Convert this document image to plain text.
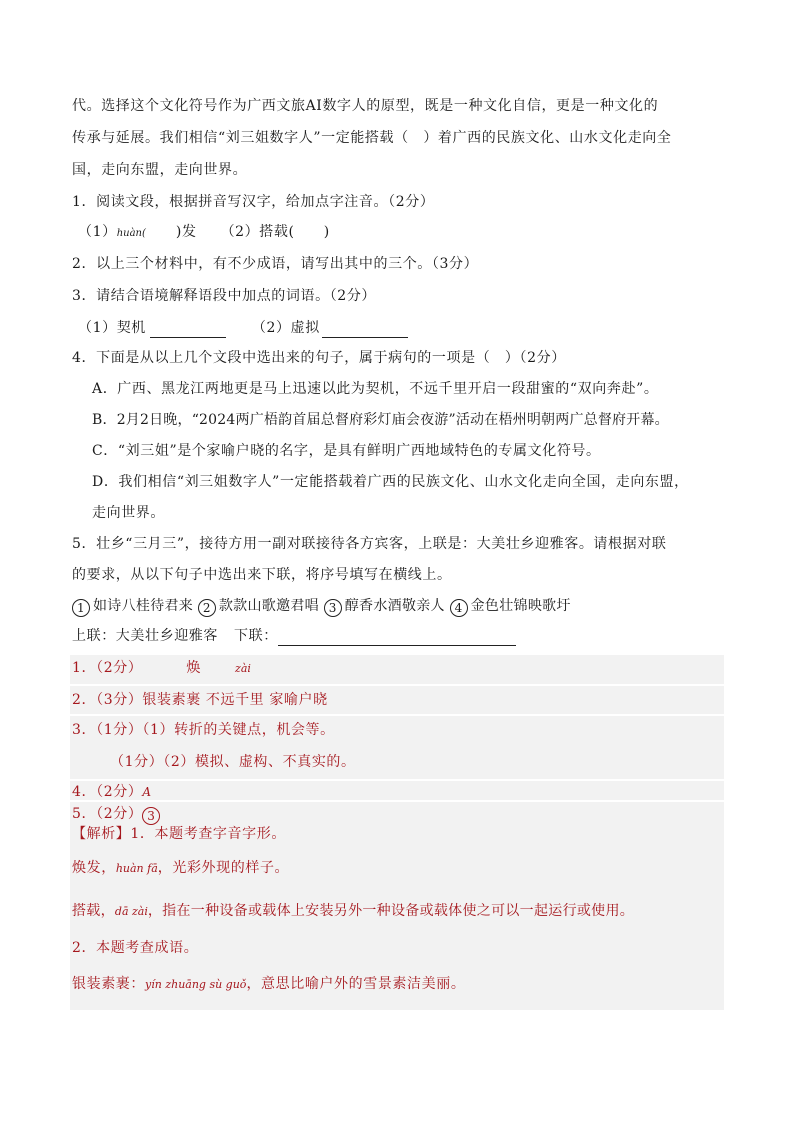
代。选择这个文化符号作为广西文旅AI数字人的原型，既是一种文化自信，更是一种文化的
传承与延展。我们相信“刘三姐数字人”一定能搭载（　）着广西的民族文化、山水文化走向全
国，走向东盟，走向世界。
1．阅读文段，根据拼音写汉字，给加点字注音。（2分）
（1）huàn( )发 （2）搭载(　　)
2．以上三个材料中，有不少成语，请写出其中的三个。（3分）
3．请结合语境解释语段中加点的词语。（2分）
（1）契机	（2）虚拟
4．下面是从以上几个文段中选出来的句子，属于病句的一项是（　）（2分）
A．广西、黑龙江两地更是马上迅速以此为契机，不远千里开启一段甜蜜的“双向奔赴”。
B．2月2日晚，“2024两广梧韵首届总督府彩灯庙会夜游”活动在梧州明朝两广总督府开幕。
C．“刘三姐”是个家喻户晓的名字，是具有鲜明广西地域特色的专属文化符号。
D．我们相信“刘三姐数字人”一定能搭载着广西的民族文化、山水文化走向全国，走向东盟，
走向世界。
5．壮乡“三月三”，接待方用一副对联接待各方宾客，上联是：大美壮乡迎雅客。请根据对联
的要求，从以下句子中选出来下联，将序号填写在横线上。
1 如诗八桂待君来 2 款款山歌邀君唱 3 醇香水酒敬亲人 4 金色壮锦映歌圩
上联：大美壮乡迎雅客 下联：
1．（2分）	焕	zài
2．（3分）银装素裹 不远千里 家喻户晓
3．（1分）（1）转折的关键点，机会等。
（1分）（2）模拟、虚构、不真实的。
4．（2分）A
5．（2分） 3
【解析】1．本题考查字音字形。
焕发，huàn fā，光彩外现的样子。
搭载，dā zài，指在一种设备或载体上安装另外一种设备或载体使之可以一起运行或使用。
2．本题考查成语。
银装素裹：yín zhuāng sù guǒ，意思比喻户外的雪景素洁美丽。
